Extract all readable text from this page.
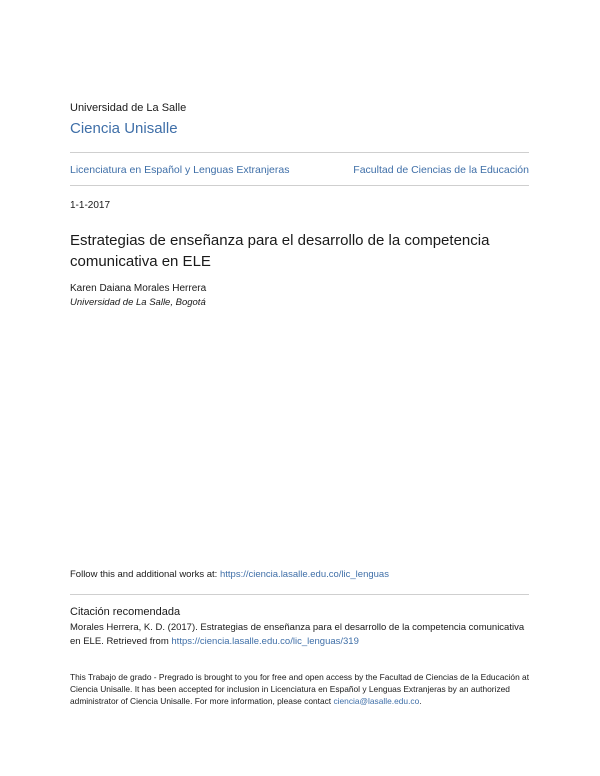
Universidad de La Salle
Ciencia Unisalle
Licenciatura en Español y Lenguas Extranjeras	Facultad de Ciencias de la Educación
1-1-2017
Estrategias de enseñanza para el desarrollo de la competencia comunicativa en ELE
Karen Daiana Morales Herrera
Universidad de La Salle, Bogotá
Follow this and additional works at: https://ciencia.lasalle.edu.co/lic_lenguas
Citación recomendada
Morales Herrera, K. D. (2017). Estrategias de enseñanza para el desarrollo de la competencia comunicativa en ELE. Retrieved from https://ciencia.lasalle.edu.co/lic_lenguas/319
This Trabajo de grado - Pregrado is brought to you for free and open access by the Facultad de Ciencias de la Educación at Ciencia Unisalle. It has been accepted for inclusion in Licenciatura en Español y Lenguas Extranjeras by an authorized administrator of Ciencia Unisalle. For more information, please contact ciencia@lasalle.edu.co.
